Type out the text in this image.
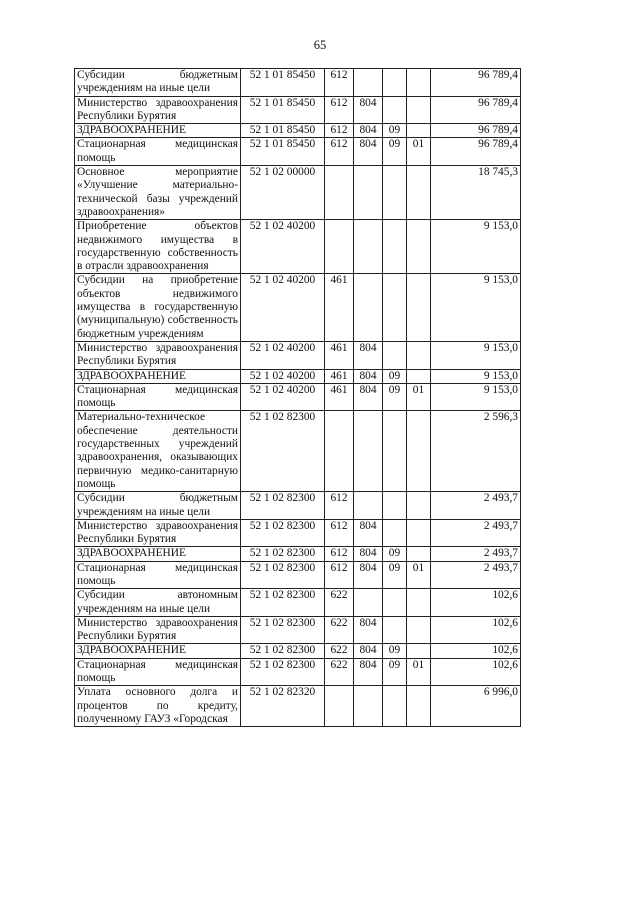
65
Субсидии бюджетным учреждениям на иные цели	52 1 01 85450	612				96 789,4	
Министерство здравоохранения Республики Бурятия	52 1 01 85450	612	804			96 789,4	
ЗДРАВООХРАНЕНИЕ	52 1 01 85450	612	804	09		96 789,4	
Стационарная медицинская помощь	52 1 01 85450	612	804	09	01	96 789,4	
Основное мероприятие «Улучшение материально-технической базы учреждений здравоохранения»	52 1 02 00000					18 745,3	
Приобретение объектов недвижимого имущества в государственную собственность в отрасли здравоохранения	52 1 02 40200					9 153,0	
Субсидии на приобретение объектов недвижимого имущества в государственную (муниципальную) собственность бюджетным учреждениям	52 1 02 40200	461				9 153,0	
Министерство здравоохранения Республики Бурятия	52 1 02 40200	461	804			9 153,0	
ЗДРАВООХРАНЕНИЕ	52 1 02 40200	461	804	09		9 153,0	
Стационарная медицинская помощь	52 1 02 40200	461	804	09	01	9 153,0	
Материально-техническое обеспечение деятельности государственных учреждений здравоохранения, оказывающих первичную медико-санитарную помощь	52 1 02 82300					2 596,3	
Субсидии бюджетным учреждениям на иные цели	52 1 02 82300	612				2 493,7	
Министерство здравоохранения Республики Бурятия	52 1 02 82300	612	804			2 493,7	
ЗДРАВООХРАНЕНИЕ	52 1 02 82300	612	804	09		2 493,7	
Стационарная медицинская помощь	52 1 02 82300	612	804	09	01	2 493,7	
Субсидии автономным учреждениям на иные цели	52 1 02 82300	622				102,6	
Министерство здравоохранения Республики Бурятия	52 1 02 82300	622	804			102,6	
ЗДРАВООХРАНЕНИЕ	52 1 02 82300	622	804	09		102,6	
Стационарная медицинская помощь	52 1 02 82300	622	804	09	01	102,6	
Уплата основного долга и процентов по кредиту, полученному ГАУЗ «Городская	52 1 02 82320					6 996,0	
